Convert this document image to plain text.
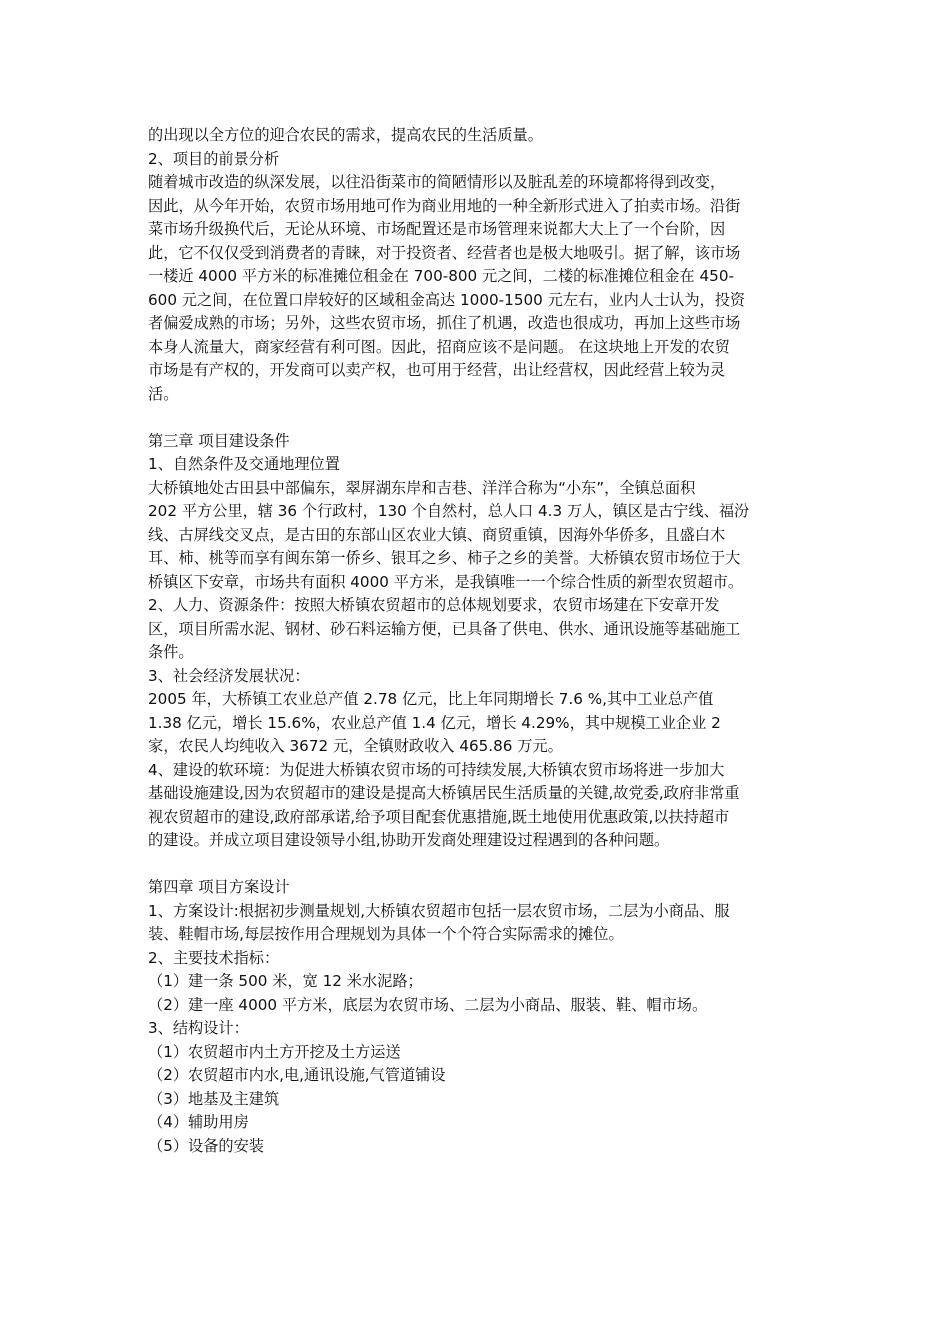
的出现以全方位的迎合农民的需求，提高农民的生活质量。
2、项目的前景分析
随着城市改造的纵深发展，以往沿街菜市的简陋情形以及脏乱差的环境都将得到改变，
因此，从今年开始，农贸市场用地可作为商业用地的一种全新形式进入了拍卖市场。沿街
菜市场升级换代后，无论从环境、市场配置还是市场管理来说都大大上了一个台阶，因
此，它不仅仅受到消费者的青睐，对于投资者、经营者也是极大地吸引。据了解，该市场
一楼近 4000 平方米的标准摊位租金在 700-800 元之间，二楼的标准摊位租金在 450-
600 元之间，在位置口岸较好的区域租金高达 1000-1500 元左右，业内人士认为，投资
者偏爱成熟的市场；另外，这些农贸市场，抓住了机遇，改造也很成功，再加上这些市场
本身人流量大，商家经营有利可图。因此，招商应该不是问题。 在这块地上开发的农贸
市场是有产权的，开发商可以卖产权，也可用于经营，出让经营权，因此经营上较为灵
活。
第三章 项目建设条件
1、自然条件及交通地理位置
大桥镇地处古田县中部偏东，翠屏湖东岸和吉巷、洋洋合称为“小东”，全镇总面积
202 平方公里，辖 36 个行政村，130 个自然村，总人口 4.3 万人，镇区是古宁线、福汾
线、古屏线交叉点，是古田的东部山区农业大镇、商贸重镇，因海外华侨多，且盛白木
耳、柿、桃等而享有闽东第一侨乡、银耳之乡、柿子之乡的美誉。大桥镇农贸市场位于大
桥镇区下安章，市场共有面积 4000 平方米，是我镇唯一一个综合性质的新型农贸超市。
2、人力、资源条件：按照大桥镇农贸超市的总体规划要求，农贸市场建在下安章开发
区，项目所需水泥、钢材、砂石料运输方便，已具备了供电、供水、通讯设施等基础施工
条件。
3、社会经济发展状况：
2005 年，大桥镇工农业总产值 2.78 亿元，比上年同期增长 7.6 %,其中工业总产值
1.38 亿元，增长 15.6%，农业总产值 1.4 亿元，增长 4.29%，其中规模工业企业 2
家，农民人均纯收入 3672 元，全镇财政收入 465.86 万元。
4、建设的软环境：为促进大桥镇农贸市场的可持续发展,大桥镇农贸市场将进一步加大
基础设施建设,因为农贸超市的建设是提高大桥镇居民生活质量的关键,故党委,政府非常重
视农贸超市的建设,政府部承诺,给予项目配套优惠措施,既土地使用优惠政策,以扶持超市
的建设。并成立项目建设领导小组,协助开发商处理建设过程遇到的各种问题。
第四章 项目方案设计
1、方案设计:根据初步测量规划,大桥镇农贸超市包括一层农贸市场，二层为小商品、服
装、鞋帽市场,每层按作用合理规划为具体一个个符合实际需求的摊位。
2、主要技术指标：
（1）建一条 500 米，宽 12 米水泥路；
（2）建一座 4000 平方米，底层为农贸市场、二层为小商品、服装、鞋、帽市场。
3、结构设计：
（1）农贸超市内土方开挖及土方运送
（2）农贸超市内水,电,通讯设施,气管道铺设
（3）地基及主建筑
（4）辅助用房
（5）设备的安装
